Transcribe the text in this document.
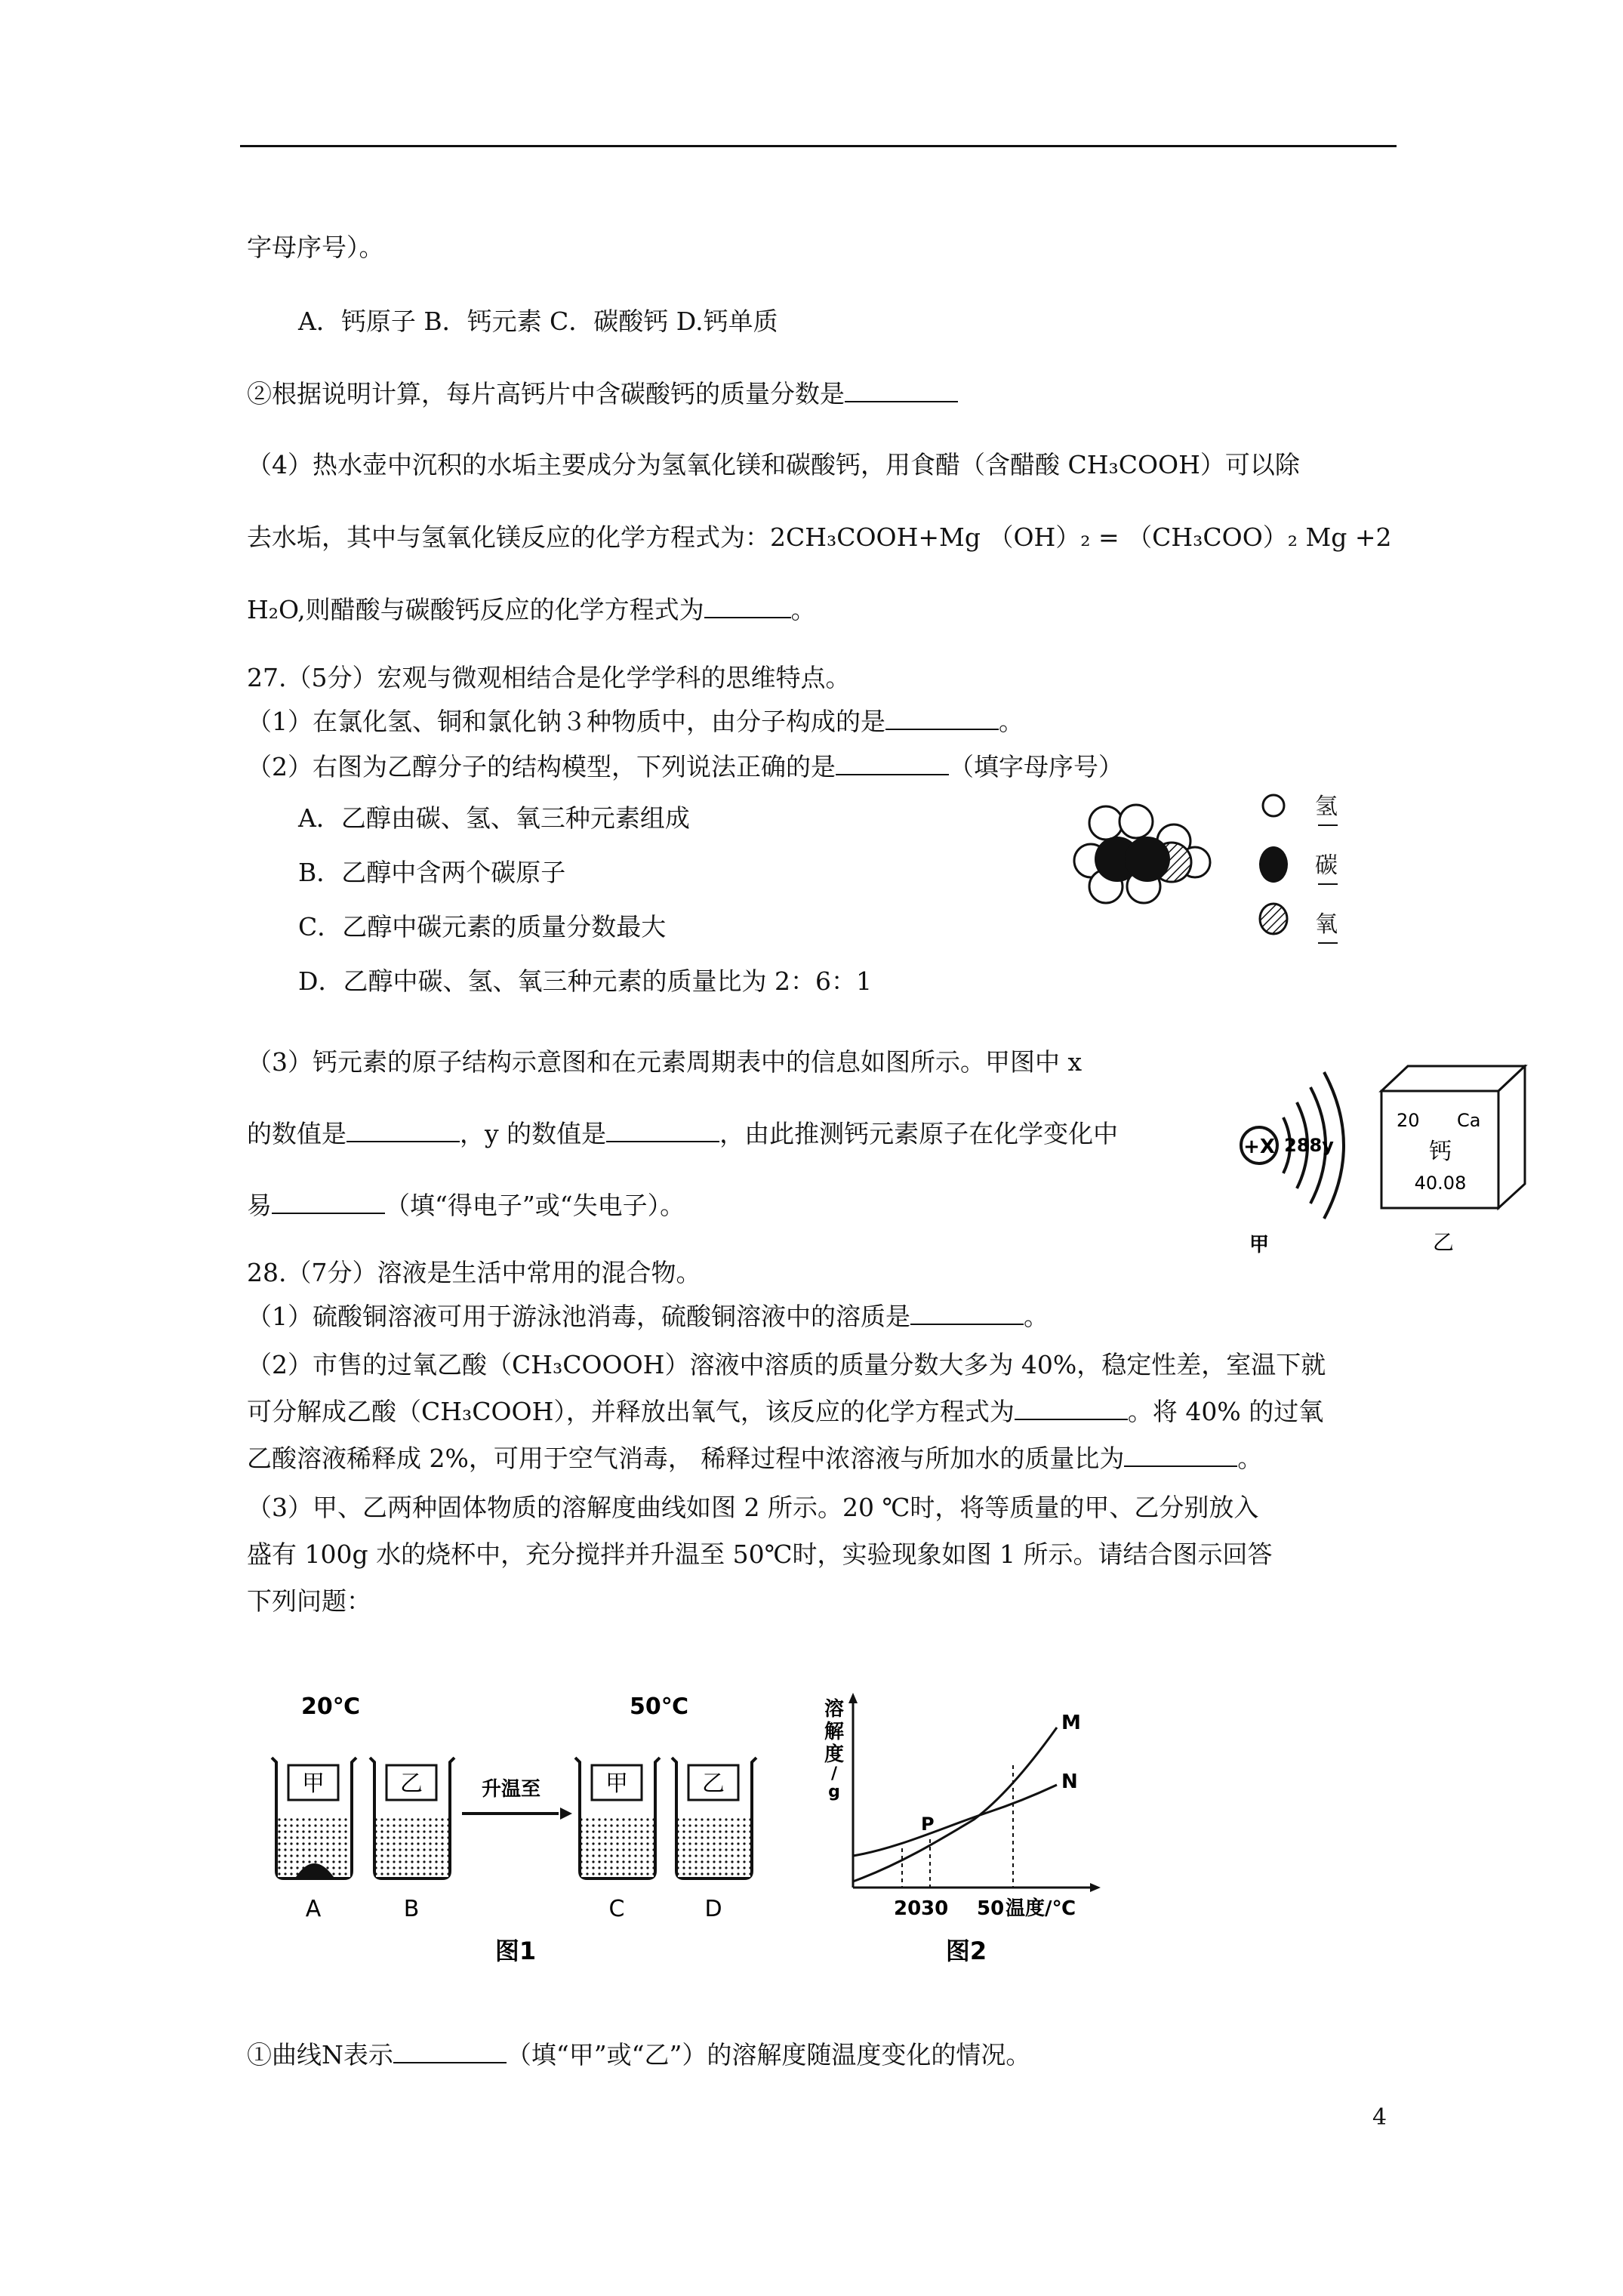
字母序号）。
A．钙原子 B．钙元素 C．碳酸钙 D.钙单质
②根据说明计算，每片高钙片中含碳酸钙的质量分数是
（4）热水壶中沉积的水垢主要成分为氢氧化镁和碳酸钙，用食醋（含醋酸 CH₃COOH）可以除
去水垢，其中与氢氧化镁反应的化学方程式为：2CH₃COOH+Mg （OH）₂ = （CH₃COO）₂ Mg +2
H₂O,则醋酸与碳酸钙反应的化学方程式为	。
27.（5分）宏观与微观相结合是化学学科的思维特点。
（1）在氯化氢、铜和氯化钠３种物质中，由分子构成的是	。
（2）右图为乙醇分子的结构模型，下列说法正确的是	（填字母序号）
A．乙醇由碳、氢、氧三种元素组成
B．乙醇中含两个碳原子
C．乙醇中碳元素的质量分数最大
D．乙醇中碳、氢、氧三种元素的质量比为 2：6：1
（3）钙元素的原子结构示意图和在元素周期表中的信息如图所示。甲图中 x
的数值是	，y 的数值是	，由此推测钙元素原子在化学变化中
易	（填“得电子”或“失电子）。
28.（7分）溶液是生活中常用的混合物。
（1）硫酸铜溶液可用于游泳池消毒，硫酸铜溶液中的溶质是	。
（2）市售的过氧乙酸（CH₃COOOH）溶液中溶质的质量分数大多为 40%，稳定性差，室温下就
可分解成乙酸（CH₃COOH），并释放出氧气，该反应的化学方程式为	。将 40% 的过氧
乙酸溶液稀释成 2%，可用于空气消毒， 稀释过程中浓溶液与所加水的质量比为	。
（3）甲、乙两种固体物质的溶解度曲线如图 2 所示。20 ℃时，将等质量的甲、乙分别放入
盛有 100g 水的烧杯中，充分搅拌并升温至 50℃时，实验现象如图 1 所示。请结合图示回答
下列问题：
①曲线N表示	（填“甲”或“乙”）的溶解度随温度变化的情况。
氢
碳
氧
+X 288y
甲
20 Ca
钙
40.08
乙
20℃	50℃
甲
A
乙
B
升温至	甲
C
乙
D
图1
溶
解
度
/
g
M
N
P
20 30 50 温度/℃
图2
4
